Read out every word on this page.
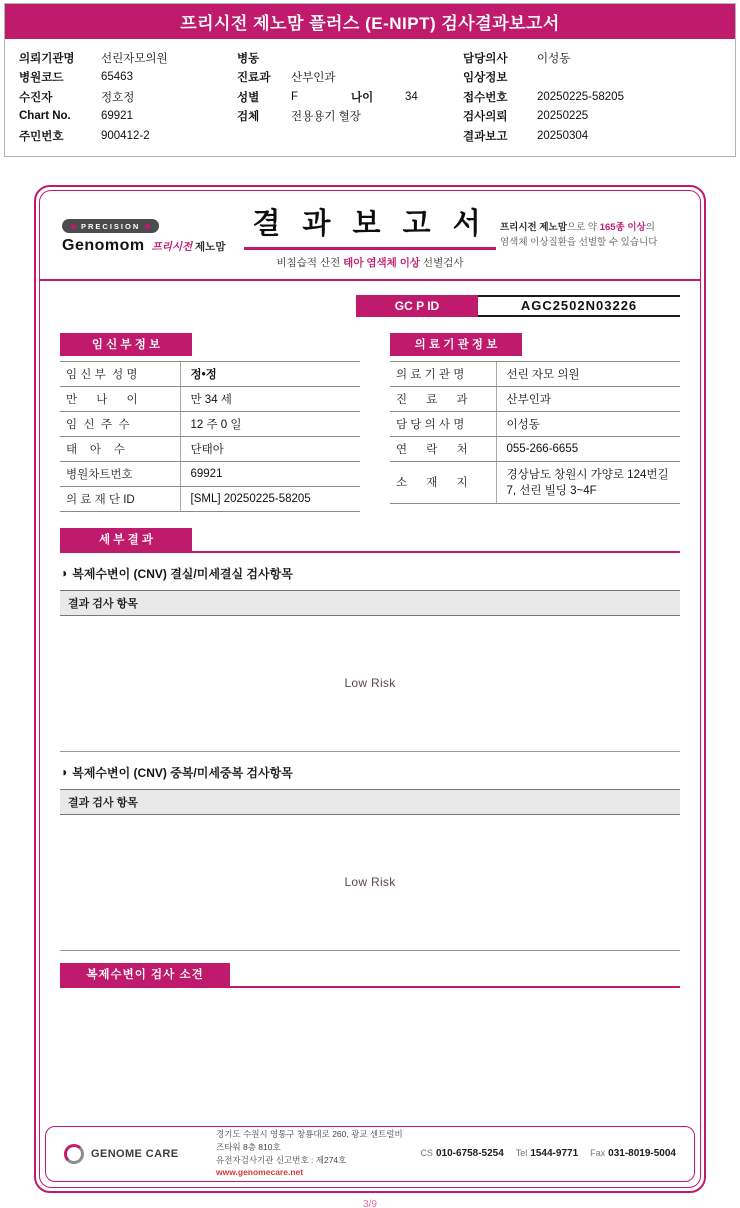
프리시전 제노맘 플러스 (E-NIPT) 검사결과보고서
의뢰기관명	선린자모의원
병원코드	65463
수진자	정호정
Chart No.	69921
주민번호	900412-2
병동
진료과	산부인과
성별	F	나이	34
검체	전용용기 혈장
담당의사	이성동
임상정보
접수번호	20250225-58205
검사의뢰	20250225
결과보고	20250304
PRECISION
Genomom 프리시전 제노맘
결 과 보 고 서
비침습적 산전 태아 염색체 이상 선별검사
프리시전 제노맘으로 약 165종 이상의
염색체 이상질환을 선별할 수 있습니다
GC P ID	AGC2502N03226
임 신 부 정 보
임 신 부  성 명	정•정
만      나      이	만 34 세
임  신  주  수	12 주 0 일
태    아    수	단태아
병원차트번호	69921
의 료 재 단 ID	[SML] 20250225-58205
의 료 기 관 정 보
의 료 기 관 명	선린 자모 의원
진      료      과	산부인과
담 당 의 사 명	이성동
연      락      처	055-266-6655
소      재      지	경상남도 창원시 가양로 124번길 7, 선린 빌딩 3~4F
세 부 결 과
◑ 복제수변이 (CNV) 결실/미세결실 검사항목
결과 검사 항목
Low Risk
◑ 복제수변이 (CNV) 중복/미세중복 검사항목
결과 검사 항목
Low Risk
복제수변이 검사 소견
GENOME CARE
경기도 수원시 영통구 창룡대로 260, 광교 센트럴비즈타워 8층 810호
유전자검사기관 신고번호 : 제274호
www.genomecare.net
CS 010-6758-5254 Tel 1544-9771 Fax 031-8019-5004
3/9
